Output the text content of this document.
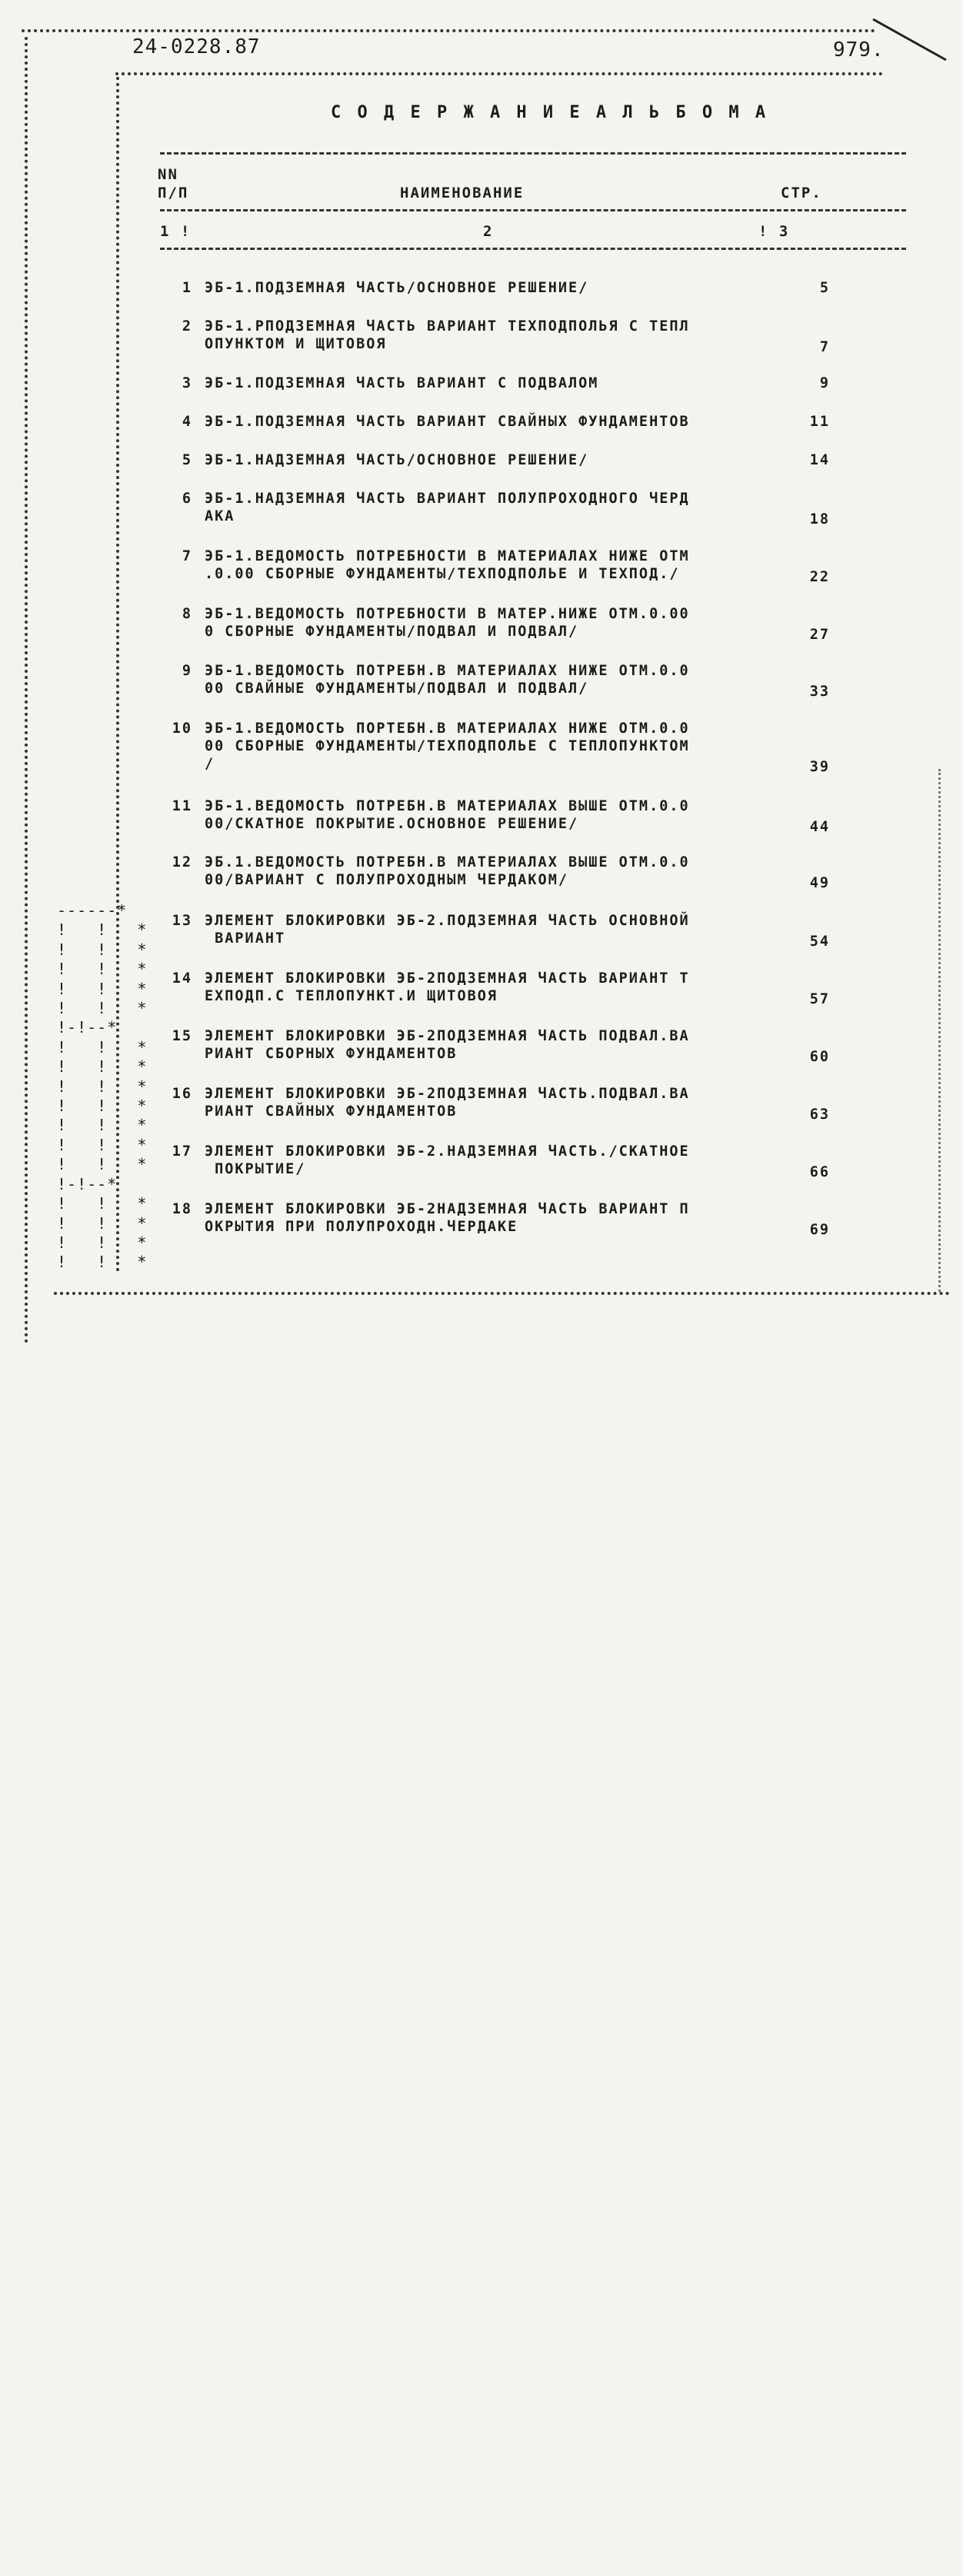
------*
!   !   *
!   !   *
!   !   *
!   !   *
!   !   *
!-!--*
!   !   *
!   !   *
!   !   *
!   !   *
!   !   *
!   !   *
!   !   *
!-!--*
!   !   *
!   !   *
!   !   *
!   !   *
24-0228.87	979.
С О Д Е Р Ж А Н И Е А Л Ь Б О М А
NN
П/П	НАИМЕНОВАНИЕ	СТР.
1 !	2	! 3
1 ЭБ-1.ПОДЗЕМНАЯ ЧАСТЬ/ОСНОВНОЕ РЕШЕНИЕ/	5
2 ЭБ-1.РПОДЗЕМНАЯ ЧАСТЬ ВАРИАНТ ТЕХПОДПОЛЬЯ С ТЕПЛ
ОПУНКТОМ И ЩИТОВОЯ	7
3 ЭБ-1.ПОДЗЕМНАЯ ЧАСТЬ ВАРИАНТ С ПОДВАЛОМ	9
4 ЭБ-1.ПОДЗЕМНАЯ ЧАСТЬ ВАРИАНТ СВАЙНЫХ ФУНДАМЕНТОВ	11
5 ЭБ-1.НАДЗЕМНАЯ ЧАСТЬ/ОСНОВНОЕ РЕШЕНИЕ/	14
6 ЭБ-1.НАДЗЕМНАЯ ЧАСТЬ ВАРИАНТ ПОЛУПРОХОДНОГО ЧЕРД
АКА	18
7 ЭБ-1.ВЕДОМОСТЬ ПОТРЕБНОСТИ В МАТЕРИАЛАХ НИЖЕ ОТМ
.0.00 СБОРНЫЕ ФУНДАМЕНТЫ/ТЕХПОДПОЛЬЕ И ТЕХПОД./	22
8 ЭБ-1.ВЕДОМОСТЬ ПОТРЕБНОСТИ В МАТЕР.НИЖЕ ОТМ.0.00
0 СБОРНЫЕ ФУНДАМЕНТЫ/ПОДВАЛ И ПОДВАЛ/	27
9 ЭБ-1.ВЕДОМОСТЬ ПОТРЕБН.В МАТЕРИАЛАХ НИЖЕ ОТМ.0.0
00 СВАЙНЫЕ ФУНДАМЕНТЫ/ПОДВАЛ И ПОДВАЛ/	33
10 ЭБ-1.ВЕДОМОСТЬ ПОРТЕБН.В МАТЕРИАЛАХ НИЖЕ ОТМ.0.0
00 СБОРНЫЕ ФУНДАМЕНТЫ/ТЕХПОДПОЛЬЕ С ТЕПЛОПУНКТОМ
/	39
11 ЭБ-1.ВЕДОМОСТЬ ПОТРЕБН.В МАТЕРИАЛАХ ВЫШЕ ОТМ.0.0
00/СКАТНОЕ ПОКРЫТИЕ.ОСНОВНОЕ РЕШЕНИЕ/	44
12 ЭБ.1.ВЕДОМОСТЬ ПОТРЕБН.В МАТЕРИАЛАХ ВЫШЕ ОТМ.0.0
00/ВАРИАНТ С ПОЛУПРОХОДНЫМ ЧЕРДАКОМ/	49
13 ЭЛЕМЕНТ БЛОКИРОВКИ ЭБ-2.ПОДЗЕМНАЯ ЧАСТЬ ОСНОВНОЙ
ВАРИАНТ	54
14 ЭЛЕМЕНТ БЛОКИРОВКИ ЭБ-2ПОДЗЕМНАЯ ЧАСТЬ ВАРИАНТ Т
ЕХПОДП.С ТЕПЛОПУНКТ.И ЩИТОВОЯ	57
15 ЭЛЕМЕНТ БЛОКИРОВКИ ЭБ-2ПОДЗЕМНАЯ ЧАСТЬ ПОДВАЛ.ВА
РИАНТ СБОРНЫХ ФУНДАМЕНТОВ	60
16 ЭЛЕМЕНТ БЛОКИРОВКИ ЭБ-2ПОДЗЕМНАЯ ЧАСТЬ.ПОДВАЛ.ВА
РИАНТ СВАЙНЫХ ФУНДАМЕНТОВ	63
17 ЭЛЕМЕНТ БЛОКИРОВКИ ЭБ-2.НАДЗЕМНАЯ ЧАСТЬ./СКАТНОЕ
ПОКРЫТИЕ/	66
18 ЭЛЕМЕНТ БЛОКИРОВКИ ЭБ-2НАДЗЕМНАЯ ЧАСТЬ ВАРИАНТ П
ОКРЫТИЯ ПРИ ПОЛУПРОХОДН.ЧЕРДАКЕ	69
